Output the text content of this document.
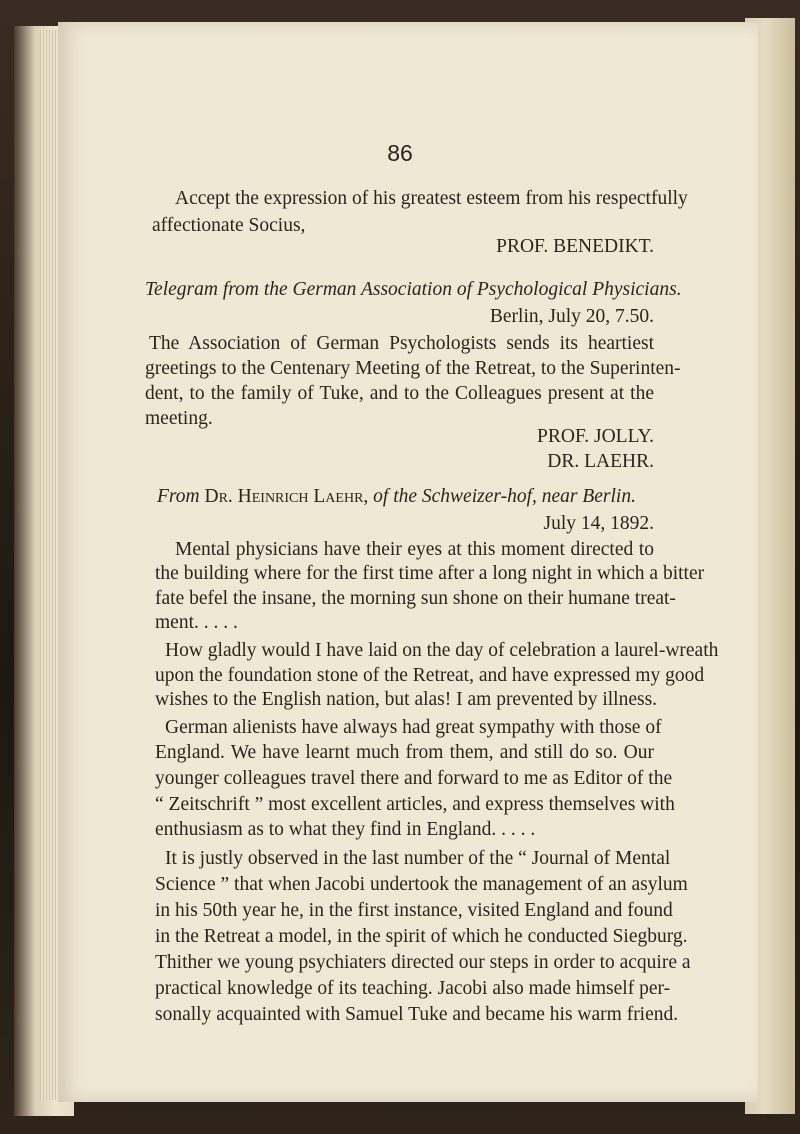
86
Accept the expression of his greatest esteem from his respectfully
affectionate Socius,
PROF. BENEDIKT.
Telegram from the German Association of Psychological Physicians.
Berlin, July 20, 7.50.
The Association of German Psychologists sends its heartiest
greetings to the Centenary Meeting of the Retreat, to the Superinten-
dent, to the family of Tuke, and to the Colleagues present at the
meeting.
PROF. JOLLY.
DR. LAEHR.
From Dr. Heinrich Laehr, of the Schweizer-hof, near Berlin.
July 14, 1892.
Mental physicians have their eyes at this moment directed to
the building where for the first time after a long night in which a bitter
fate befel the insane, the morning sun shone on their humane treat-
ment. . . . .
How gladly would I have laid on the day of celebration a laurel-wreath
upon the foundation stone of the Retreat, and have expressed my good
wishes to the English nation, but alas! I am prevented by illness.
German alienists have always had great sympathy with those of
England. We have learnt much from them, and still do so. Our
younger colleagues travel there and forward to me as Editor of the
“ Zeitschrift ” most excellent articles, and express themselves with
enthusiasm as to what they find in England. . . . .
It is justly observed in the last number of the “ Journal of Mental
Science ” that when Jacobi undertook the management of an asylum
in his 50th year he, in the first instance, visited England and found
in the Retreat a model, in the spirit of which he conducted Siegburg.
Thither we young psychiaters directed our steps in order to acquire a
practical knowledge of its teaching. Jacobi also made himself per-
sonally acquainted with Samuel Tuke and became his warm friend.
